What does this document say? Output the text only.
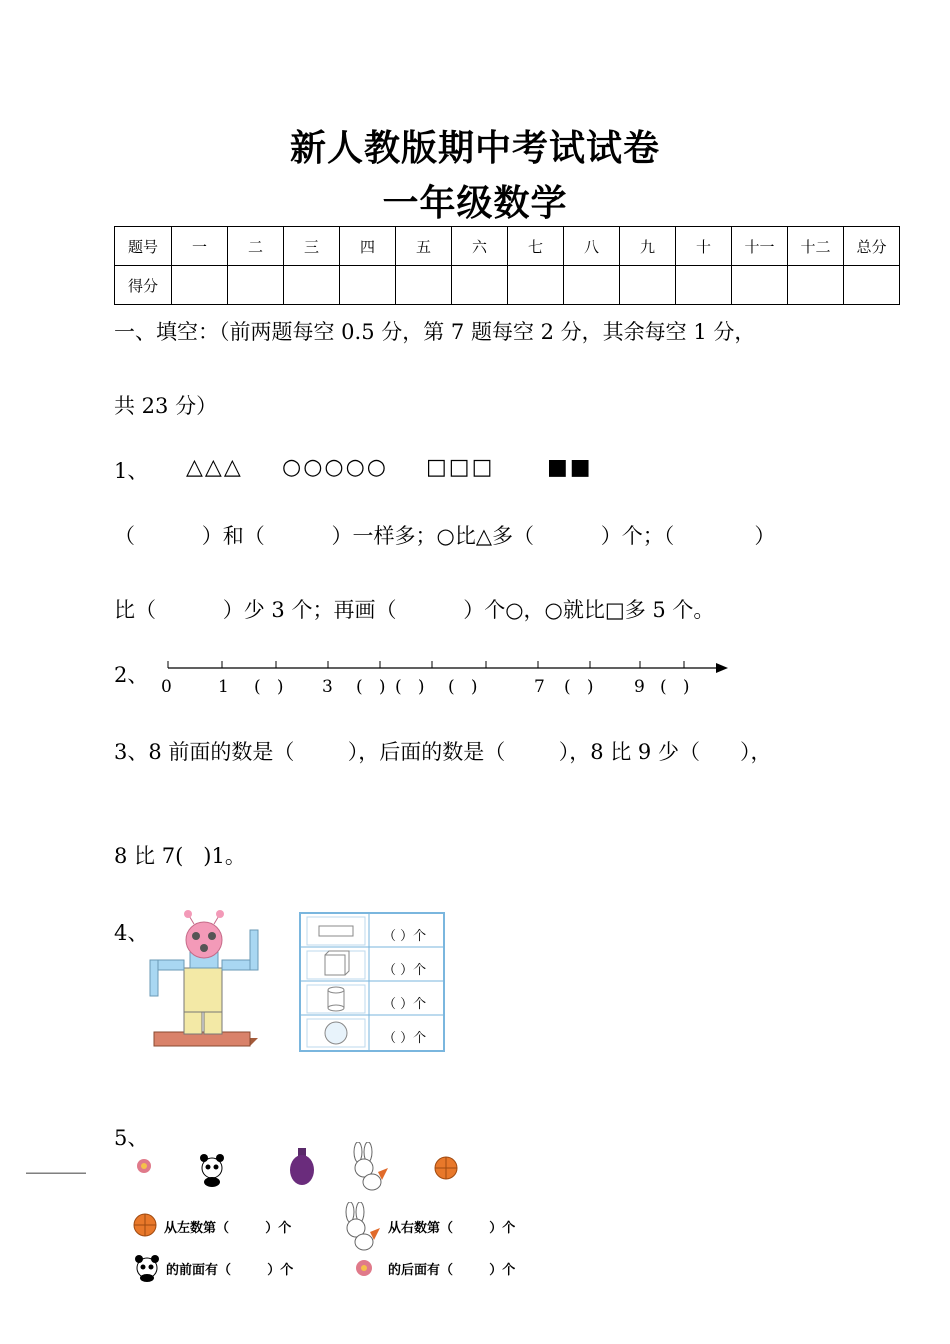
新人教版期中考试试卷
一年级数学
题号	一	二	三	四	五	六	七	八	九	十	十一	十二	总分
得分													
一、填空：（前两题每空 0.5 分，第 7 题每空 2 分，其余每空 1 分，
共 23 分）
1、 △△△ ○○○○○ □□□ ■■
（          ）和（          ）一样多；○比△多（          ）个；（            ）
比（          ）少 3 个；再画（          ）个○，○就比□多 5 个。
2、 0	1 (   ) 3 (   ) (   ) (   )	7 (   ) 9 (   )
3、8 前面的数是（        ），后面的数是（        ），8 比 9 少（      ），
8 比 7(   )1。
4、	（ ）个
（ ）个
（ ）个
（ ）个
5、
______
从左数第（        ）个	从右数第（        ）个
的前面有（        ）个	的后面有（        ）个
